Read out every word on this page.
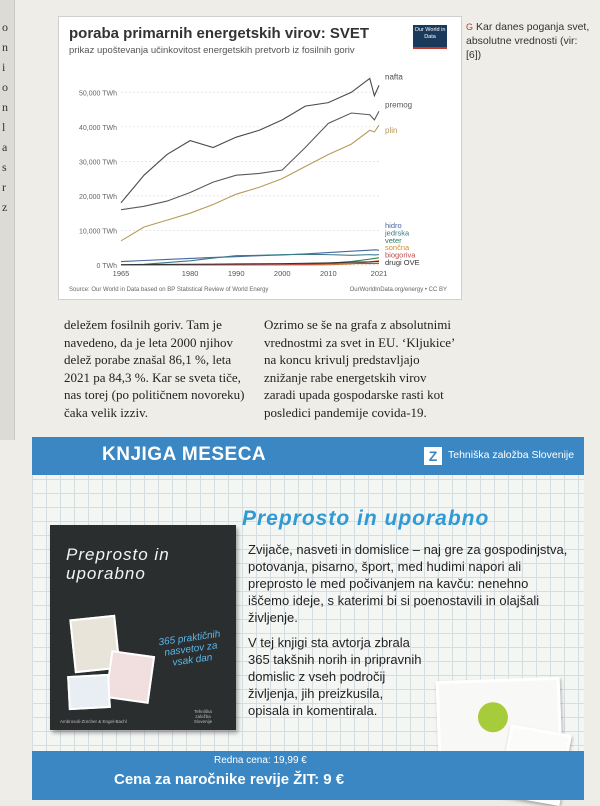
o
n
i
o
n
l
a
s
r
z
poraba primarnih energetskih virov: SVET
prikaz upoštevanja učinkovitost energetskih pretvorb iz fosilnih goriv
Our World in Data
0 TWh
10,000 TWh
20,000 TWh
30,000 TWh
40,000 TWh
50,000 TWh
1965	1980	1990	2000	2010	2021
nafta
premog
plin
hidro
jedrska
veter
sončna
biogoriva
drugi OVE
Source: Our World in Data based on BP Statistical Review of World Energy	OurWorldInData.org/energy • CC BY
G Kar danes poganja svet, absolutne vrednosti (vir: [6])

deležem fosilnih goriv. Tam je navedeno, da je leta 2000 njihov delež porabe znašal 86,1 %, leta 2021 pa 84,3 %. Kar se sveta tiče, nas torej (po političnem novoreku) čaka velik izziv.

Ozrimo se še na grafa z absolutnimi vrednostmi za svet in EU. ‘Kljukice’ na koncu krivulj predstavljajo znižanje rabe energetskih virov zaradi upada gospodarske rasti kot posledici pandemije covida-19.

KNJIGA MESECA	Z	Tehniška založba Slovenije
Preprosto in uporabno
365 praktičnih nasvetov za vsak dan
Ambrosoli-Zürcher & Engel-Bachl
Tehniška založba Slovenije
Preprosto in uporabno

Zvijače, nasveti in domislice – naj gre za gospodinjstva, potovanja, pisarno, šport, med hudimi napori ali preprosto le med počivanjem na kavču: nenehno iščemo ideje, s katerimi bi si poenostavili in olajšali življenje.

V tej knjigi sta avtorja zbrala 365 takšnih norih in pripravnih domislic z vseh področij življenja, jih preizkusila, opisala in komentirala.

Redna cena: 19,99 €
Cena za naročnike revije ŽIT: 9 €
